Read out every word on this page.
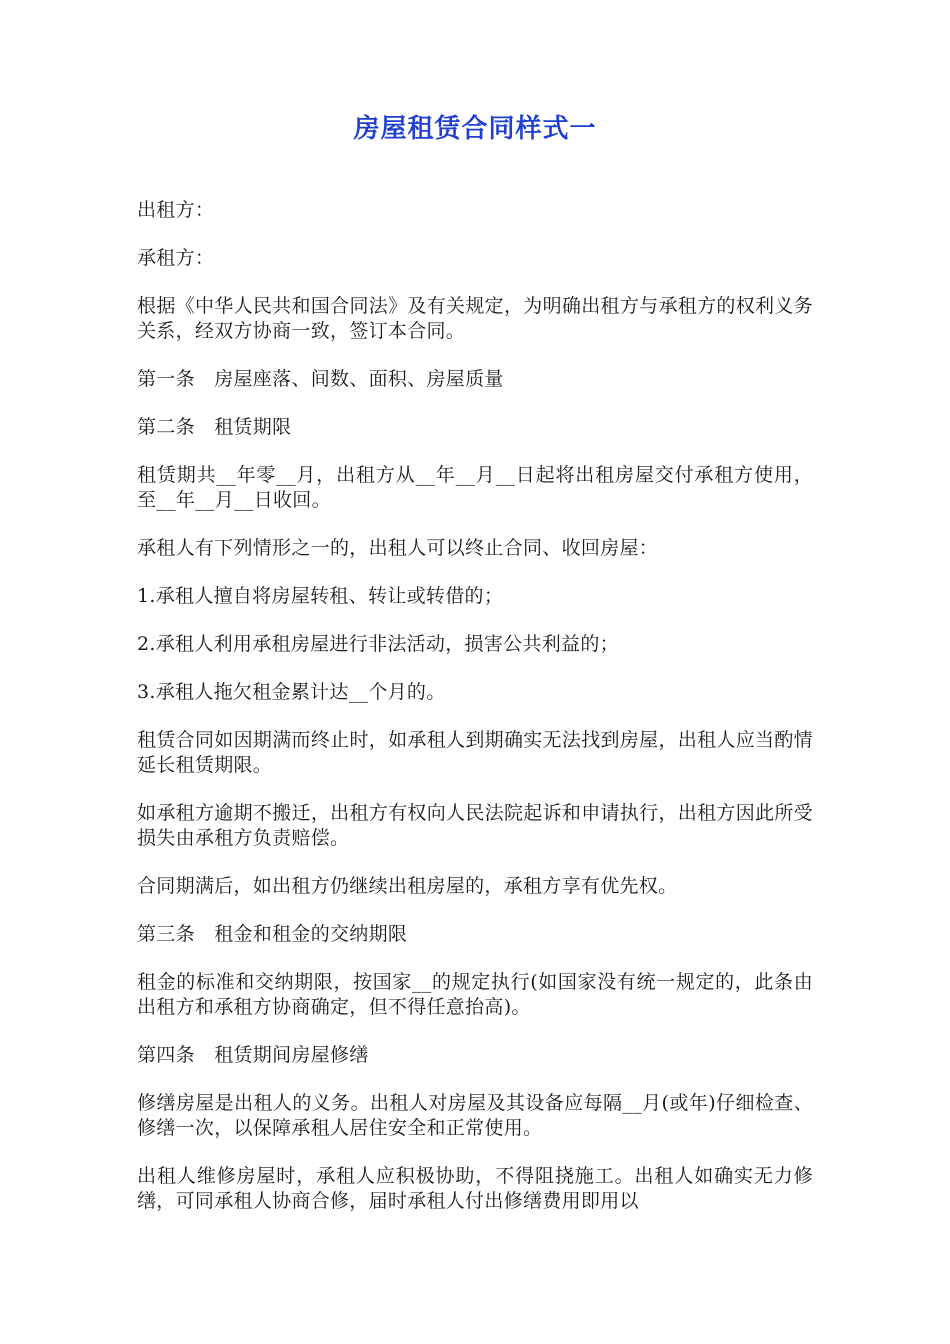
房屋租赁合同样式一

出租方：

承租方：

根据《中华人民共和国合同法》及有关规定，为明确出租方与承租方的权利义务关系，经双方协商一致，签订本合同。

第一条　房屋座落、间数、面积、房屋质量

第二条　租赁期限

租赁期共__年零__月，出租方从__年__月__日起将出租房屋交付承租方使用，至__年__月__日收回。

承租人有下列情形之一的，出租人可以终止合同、收回房屋：

1.承租人擅自将房屋转租、转让或转借的；

2.承租人利用承租房屋进行非法活动，损害公共利益的；

3.承租人拖欠租金累计达__个月的。

租赁合同如因期满而终止时，如承租人到期确实无法找到房屋，出租人应当酌情延长租赁期限。

如承租方逾期不搬迁，出租方有权向人民法院起诉和申请执行，出租方因此所受损失由承租方负责赔偿。

合同期满后，如出租方仍继续出租房屋的，承租方享有优先权。

第三条　租金和租金的交纳期限

租金的标准和交纳期限，按国家__的规定执行(如国家没有统一规定的，此条由出租方和承租方协商确定，但不得任意抬高)。

第四条　租赁期间房屋修缮

修缮房屋是出租人的义务。出租人对房屋及其设备应每隔__月(或年)仔细检查、修缮一次，以保障承租人居住安全和正常使用。

出租人维修房屋时，承租人应积极协助，不得阻挠施工。出租人如确实无力修缮，可同承租人协商合修，届时承租人付出修缮费用即用以
